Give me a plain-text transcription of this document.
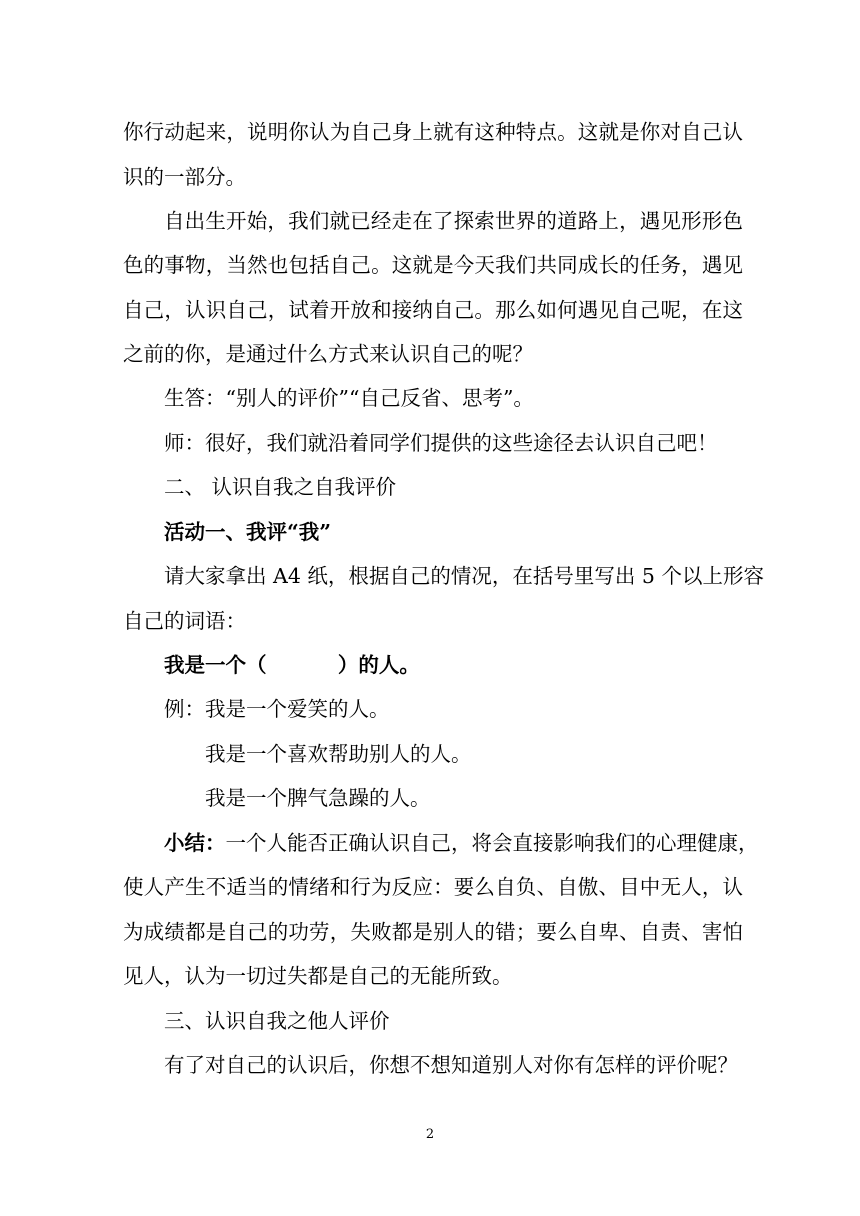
你行动起来，说明你认为自己身上就有这种特点。这就是你对自己认
识的一部分。
自出生开始，我们就已经走在了探索世界的道路上，遇见形形色
色的事物，当然也包括自己。这就是今天我们共同成长的任务，遇见
自己，认识自己，试着开放和接纳自己。那么如何遇见自己呢，在这
之前的你，是通过什么方式来认识自己的呢？
生答：“别人的评价”“自己反省、思考”。
师：很好，我们就沿着同学们提供的这些途径去认识自己吧！
二、 认识自我之自我评价
活动一、我评“我”
请大家拿出 A4 纸，根据自己的情况，在括号里写出 5 个以上形容
自己的词语：
我是一个（          ）的人。
例：我是一个爱笑的人。
我是一个喜欢帮助别人的人。
我是一个脾气急躁的人。
小结： 一个人能否正确认识自己，将会直接影响我们的心理健康，
使人产生不适当的情绪和行为反应：要么自负、自傲、目中无人，认
为成绩都是自己的功劳，失败都是别人的错；要么自卑、自责、害怕
见人，认为一切过失都是自己的无能所致。
三、认识自我之他人评价
有了对自己的认识后，你想不想知道别人对你有怎样的评价呢？
2
